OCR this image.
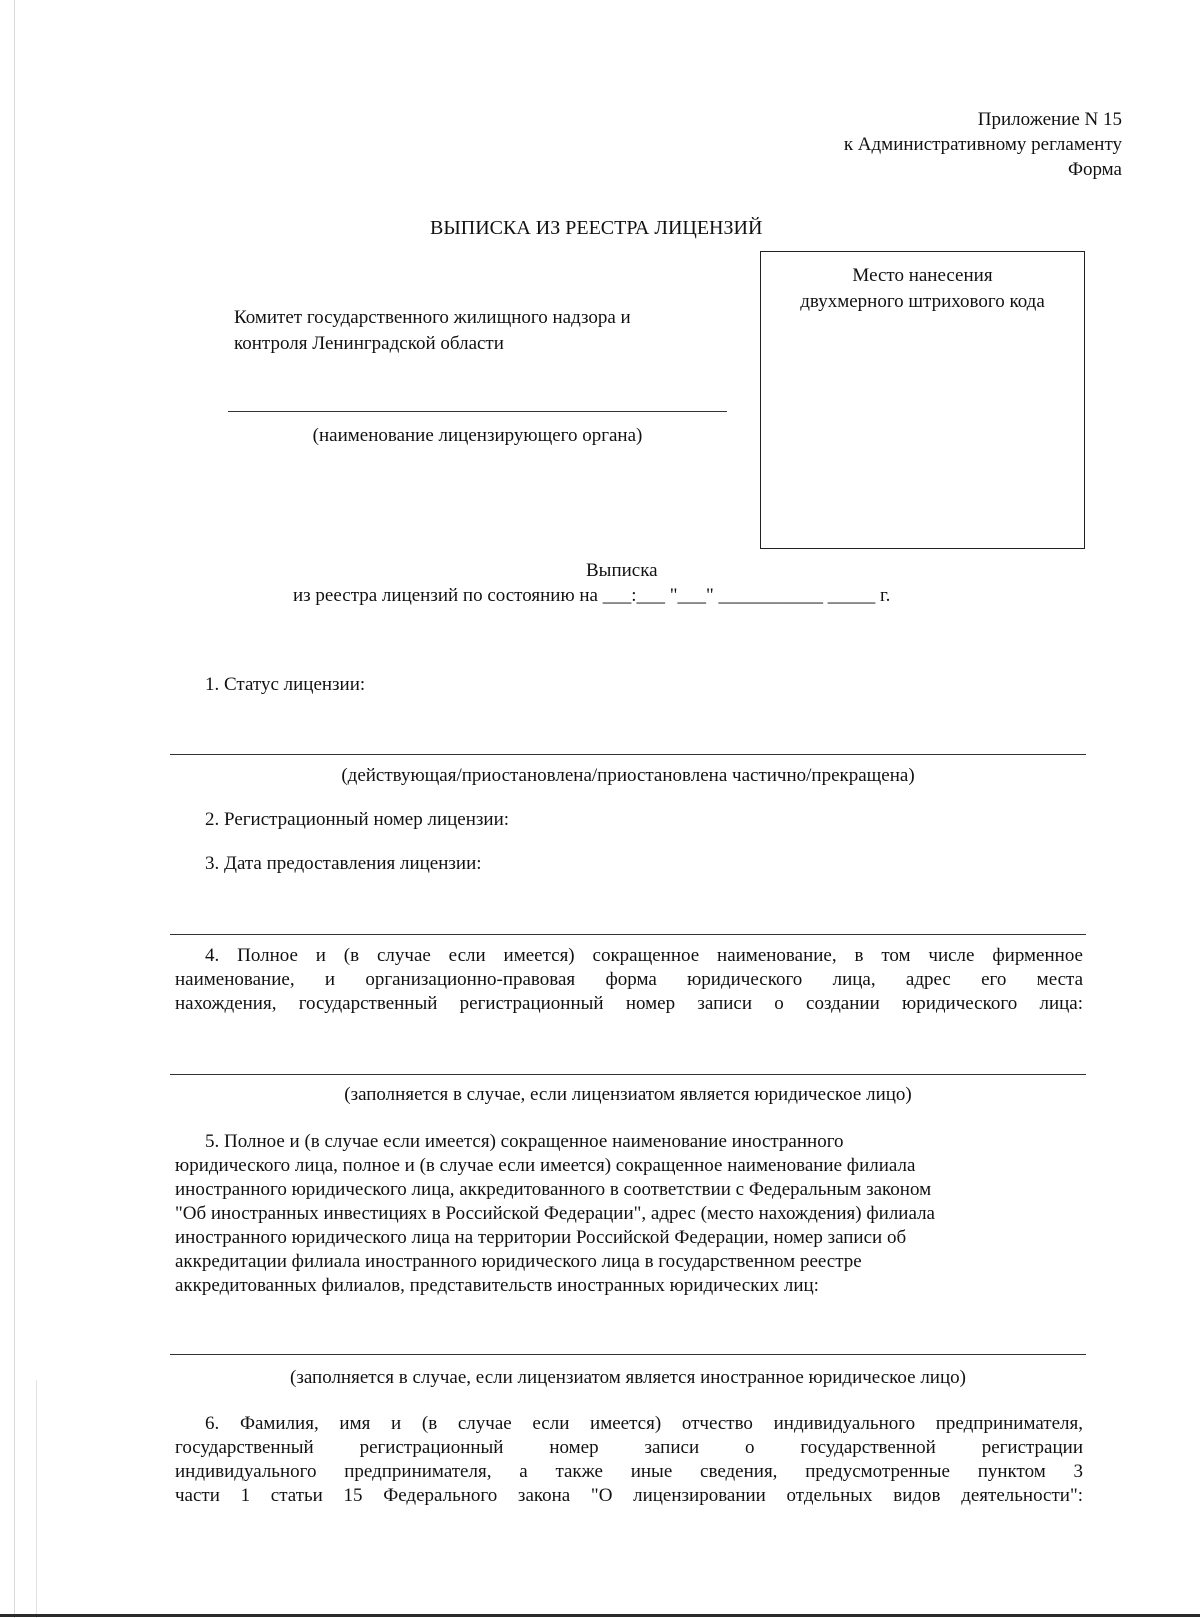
Приложение N 15
к Административному регламенту
Форма
ВЫПИСКА ИЗ РЕЕСТРА ЛИЦЕНЗИЙ
Место нанесения
двухмерного штрихового кода
Комитет государственного жилищного надзора и
контроля Ленинградской области
(наименование лицензирующего органа)
Выписка
из реестра лицензий по состоянию на ___:___ "___" ___________ _____ г.
1. Статус лицензии:
(действующая/приостановлена/приостановлена частично/прекращена)
2. Регистрационный номер лицензии:
3. Дата предоставления лицензии:
4. Полное и (в случае если имеется) сокращенное наименование, в том числе фирменное
наименование, и организационно-правовая форма юридического лица, адрес его места
нахождения, государственный регистрационный номер записи о создании юридического лица:
(заполняется в случае, если лицензиатом является юридическое лицо)
5. Полное и (в случае если имеется) сокращенное наименование иностранного
юридического лица, полное и (в случае если имеется) сокращенное наименование филиала
иностранного юридического лица, аккредитованного в соответствии с Федеральным законом
"Об иностранных инвестициях в Российской Федерации", адрес (место нахождения) филиала
иностранного юридического лица на территории Российской Федерации, номер записи об
аккредитации филиала иностранного юридического лица в государственном реестре
аккредитованных филиалов, представительств иностранных юридических лиц:
(заполняется в случае, если лицензиатом является иностранное юридическое лицо)
6. Фамилия, имя и (в случае если имеется) отчество индивидуального предпринимателя,
государственный регистрационный номер записи о государственной регистрации
индивидуального предпринимателя, а также иные сведения, предусмотренные пунктом 3
части 1 статьи 15 Федерального закона "О лицензировании отдельных видов деятельности":
